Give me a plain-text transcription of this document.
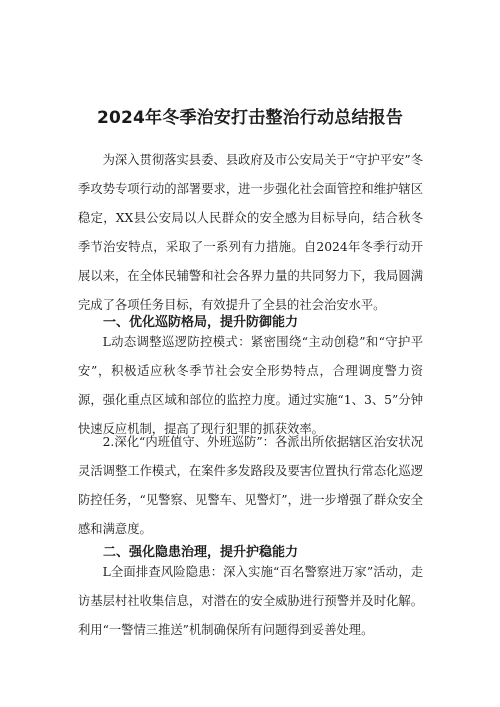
2024年冬季治安打击整治行动总结报告

为深入贯彻落实县委、县政府及市公安局关于“守护平安”冬季攻势专项行动的部署要求，进一步强化社会面管控和维护辖区稳定，XX县公安局以人民群众的安全感为目标导向，结合秋冬季节治安特点，采取了一系列有力措施。自2024年冬季行动开展以来，在全体民辅警和社会各界力量的共同努力下，我局圆满完成了各项任务目标，有效提升了全县的社会治安水平。

一、优化巡防格局，提升防御能力

L动态调整巡逻防控模式：紧密围绕“主动创稳”和“守护平安”，积极适应秋冬季节社会安全形势特点，合理调度警力资源，强化重点区域和部位的监控力度。通过实施“1、3、5”分钟快速反应机制，提高了现行犯罪的抓获效率。

2.深化“内班值守、外班巡防”：各派出所依据辖区治安状况灵活调整工作模式，在案件多发路段及要害位置执行常态化巡逻防控任务，“见警察、见警车、见警灯”，进一步增强了群众安全感和满意度。

二、强化隐患治理，提升护稳能力

L全面排查风险隐患：深入实施“百名警察进万家”活动，走访基层村社收集信息，对潜在的安全威胁进行预警并及时化解。利用“一警情三推送”机制确保所有问题得到妥善处理。
